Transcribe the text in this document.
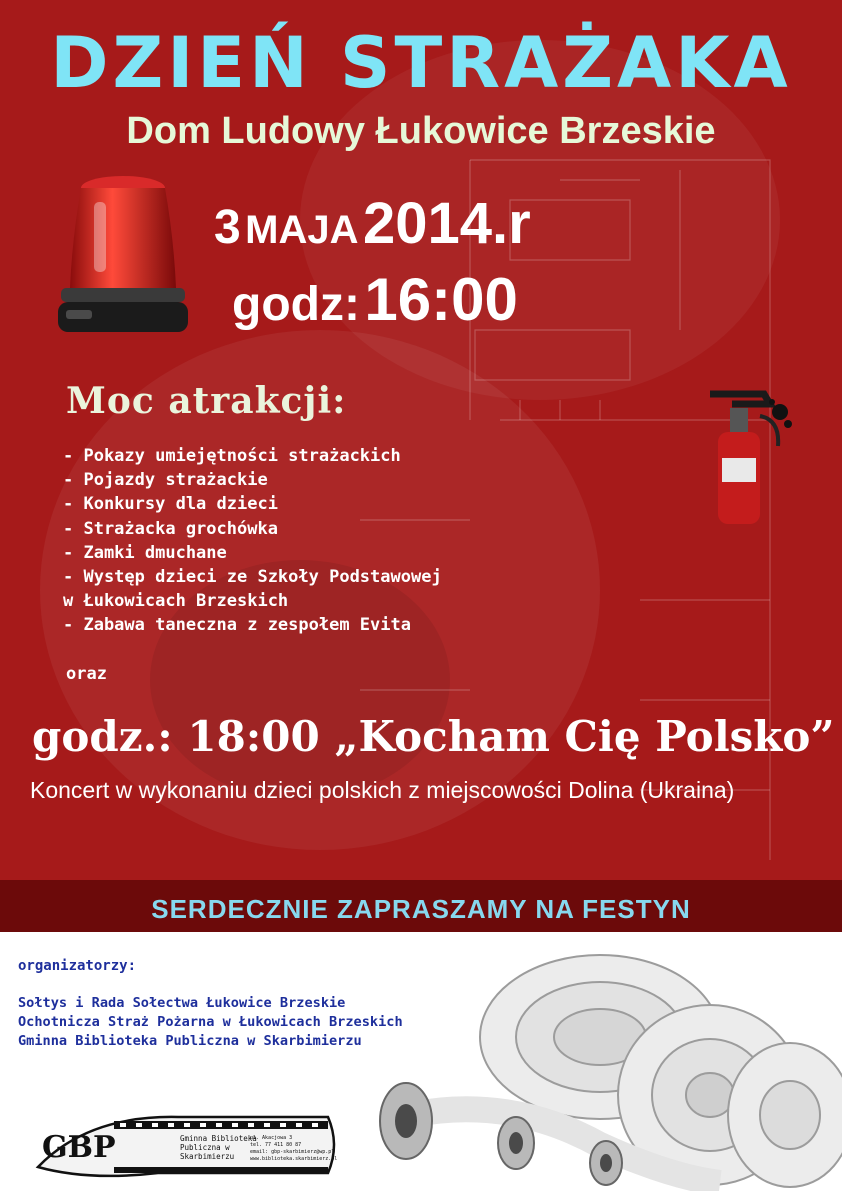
DZIEŃ STRAŻAKA
Dom Ludowy Łukowice Brzeskie
3 MAJA 2014.r
godz: 16:00
Moc atrakcji:
- Pokazy umiejętności strażackich
- Pojazdy strażackie
- Konkursy dla dzieci
- Strażacka grochówka
- Zamki dmuchane
- Występ dzieci ze Szkoły Podstawowej
w Łukowicach Brzeskich
- Zabawa taneczna z zespołem Evita
oraz
godz.: 18:00 „Kocham Cię Polsko”

Koncert w wykonaniu dzieci polskich z miejscowości Dolina (Ukraina)

SERDECZNIE ZAPRASZAMY NA FESTYN

organizatorzy:
Sołtys i Rada Sołectwa Łukowice Brzeskie
Ochotnicza Straż Pożarna w Łukowicach Brzeskich
Gminna Biblioteka Publiczna w Skarbimierzu
GBP	Gminna Biblioteka
Publiczna w
Skarbimierzu
ul. Akacjowa 3
tel. 77 411 80 87
email: gbp-skarbimierz@wp.pl
www.biblioteka.skarbimierz.pl
